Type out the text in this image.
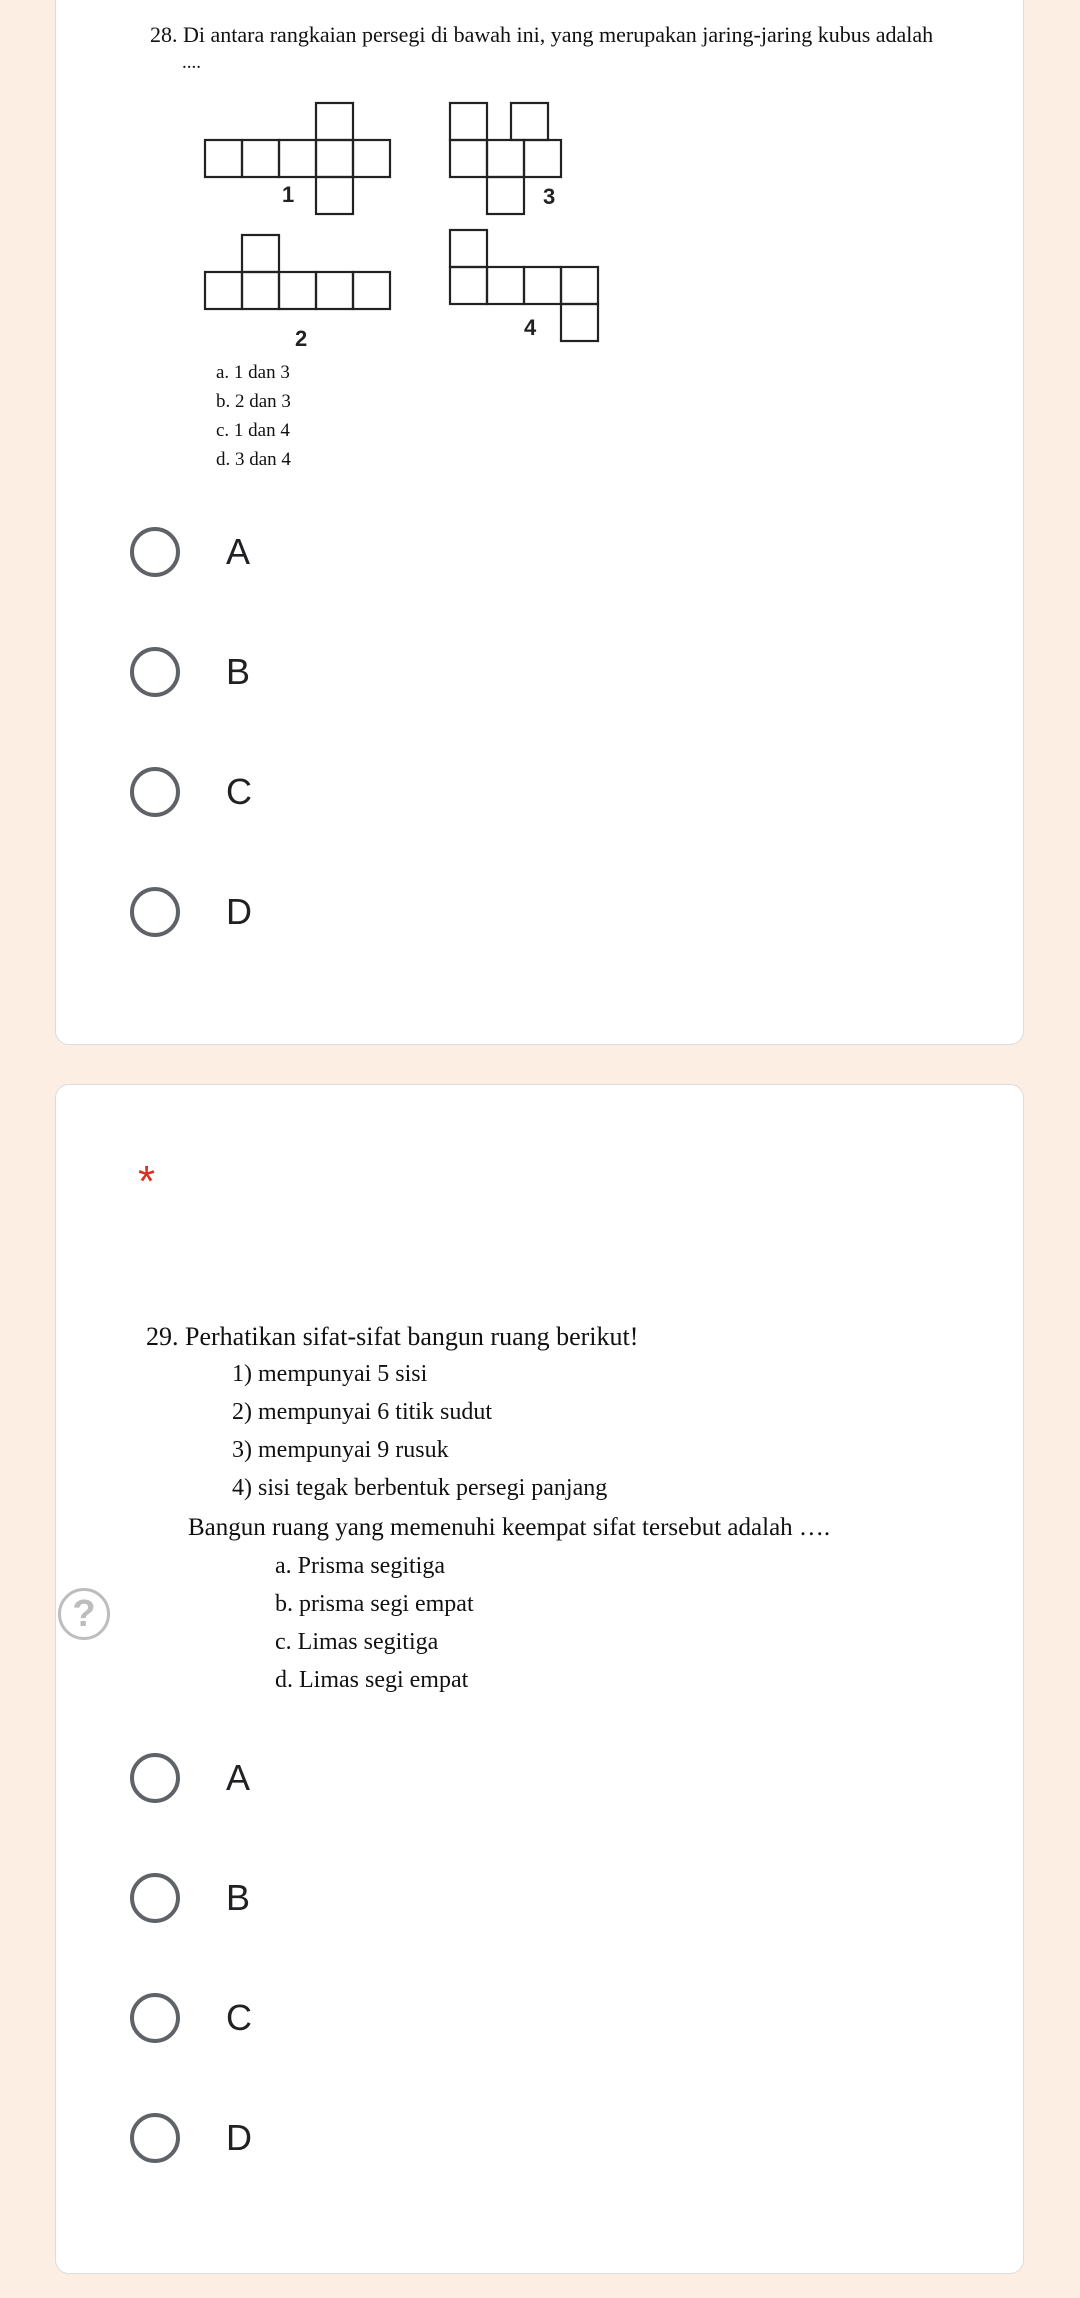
28. Di antara rangkaian persegi di bawah ini, yang merupakan jaring-jaring kubus adalah
....
1	3
2	4
a. 1 dan 3
b. 2 dan 3
c. 1 dan 4
d. 3 dan 4
A
B
C
D
*
29. Perhatikan sifat-sifat bangun ruang berikut!
1) mempunyai 5 sisi
2) mempunyai 6 titik sudut
3) mempunyai 9 rusuk
4) sisi tegak berbentuk persegi panjang
Bangun ruang yang memenuhi keempat sifat tersebut adalah ….
a. Prisma segitiga
b. prisma segi empat
c. Limas segitiga
d. Limas segi empat
?
A
B
C
D
